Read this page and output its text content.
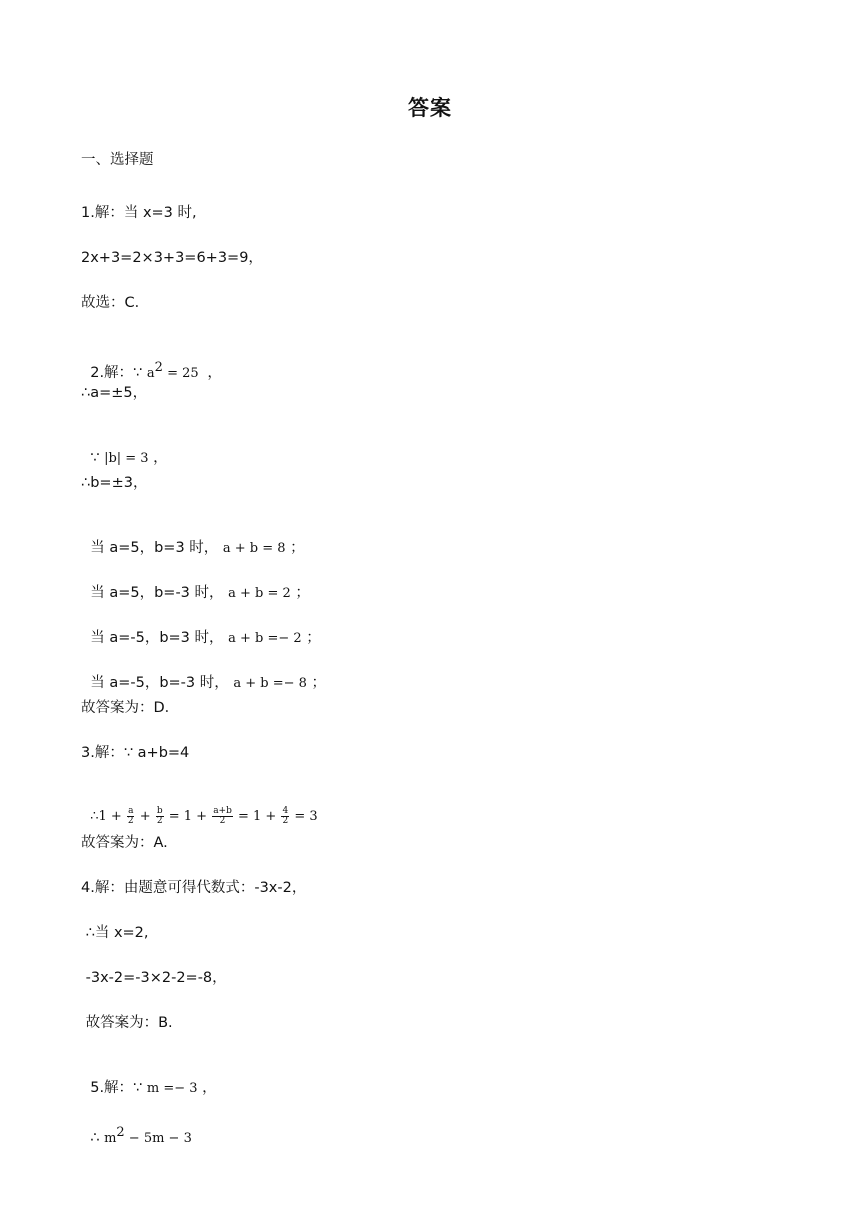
答案
一、选择题
1.解：当 x=3 时,
2x+3=2×3+3=6+3=9，
故选：C．

2.解：∵ $a^2 = 25$  ，

∴a=±5，

∵ |b| = 3 ，

∴b=±3，

当 a=5，b=3 时， a + b = 8 ；

当 a=5，b=-3 时， a + b = 2 ；

当 a=-5，b=3 时， a + b =− 2 ；

当 a=-5，b=-3 时， a + b =− 8 ；

故答案为：D．
3.解：∵ a+b=4

∴1 + $\frac{a}{2} + \frac{b}{2} = 1 + \frac{a+b}{2} = 1 + \frac{4}{2} = 3$

故答案为：A.
4.解：由题意可得代数式：-3x-2，
∴当 x=2,
-3x-2=-3×2-2=-8，
故答案为：B.

5.解：∵ m =− 3 ，

∴ $m^2 - 5m - 3$
